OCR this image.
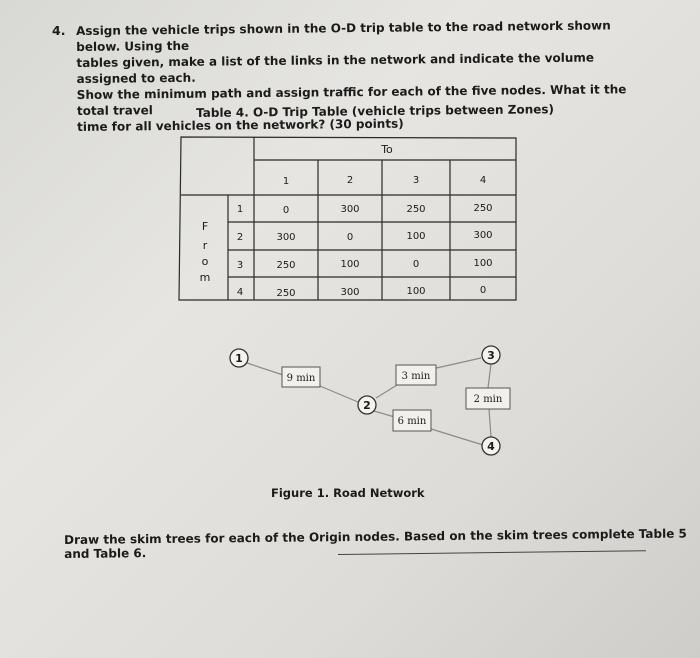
4. Assign the vehicle trips shown in the O-D trip table to the road network shown below. Using the

tables given, make a list of the links in the network and indicate the volume assigned to each.

Show the minimum path and assign traffic for each of the five nodes. What it the total travel

time for all vehicles on the network? (30 points)

Table 4. O-D Trip Table (vehicle trips between Zones)
To
1	2	3	4
F
r
o
m
1	0	300	250	250
2	300	0	100	300
3	250	100	0	100
4	250	300	100	0
9 min	3 min
6 min
2 min
1
2
3
4
Figure 1. Road Network
Draw the skim trees for each of the Origin nodes. Based on the skim trees complete Table 5 and Table 6.
